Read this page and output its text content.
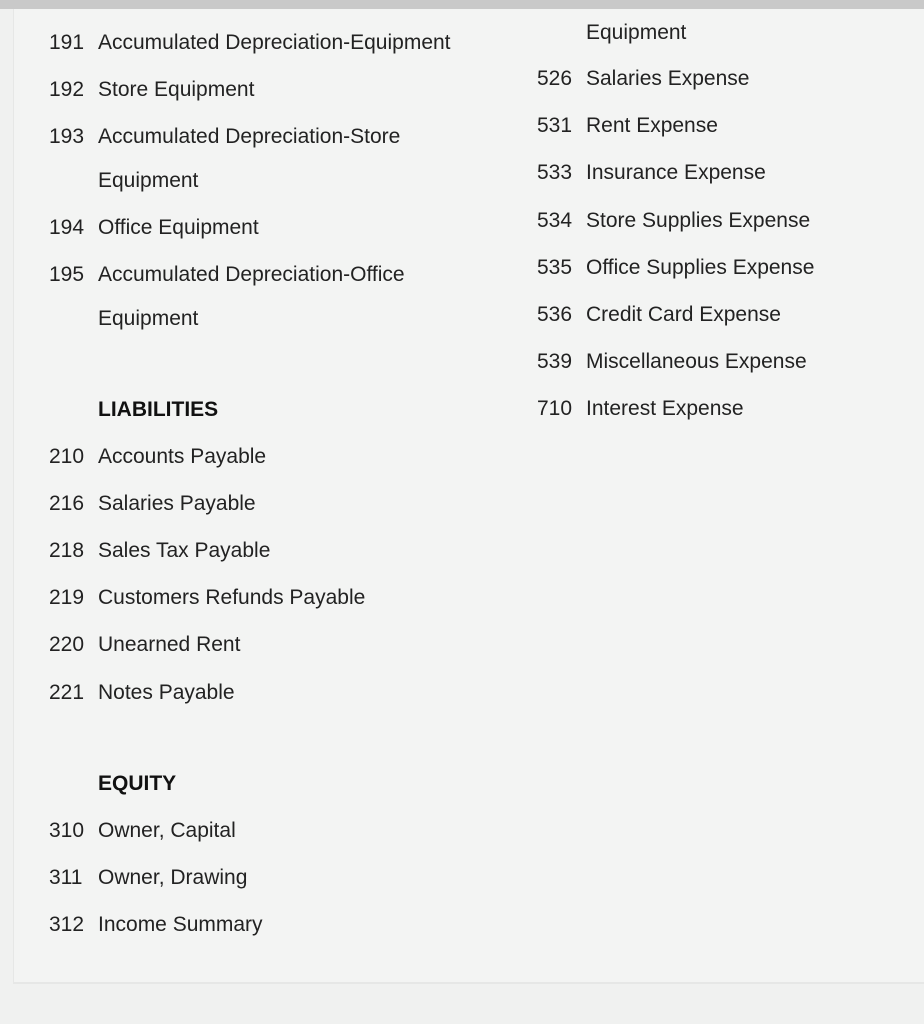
191 Accumulated Depreciation-Equipment
192 Store Equipment
193 Accumulated Depreciation-Store
Equipment
194 Office Equipment
195 Accumulated Depreciation-Office
Equipment
LIABILITIES
210 Accounts Payable
216 Salaries Payable
218 Sales Tax Payable
219 Customers Refunds Payable
220 Unearned Rent
221 Notes Payable
EQUITY
310 Owner, Capital
311 Owner, Drawing
312 Income Summary
Equipment
526 Salaries Expense
531 Rent Expense
533 Insurance Expense
534 Store Supplies Expense
535 Office Supplies Expense
536 Credit Card Expense
539 Miscellaneous Expense
710 Interest Expense
